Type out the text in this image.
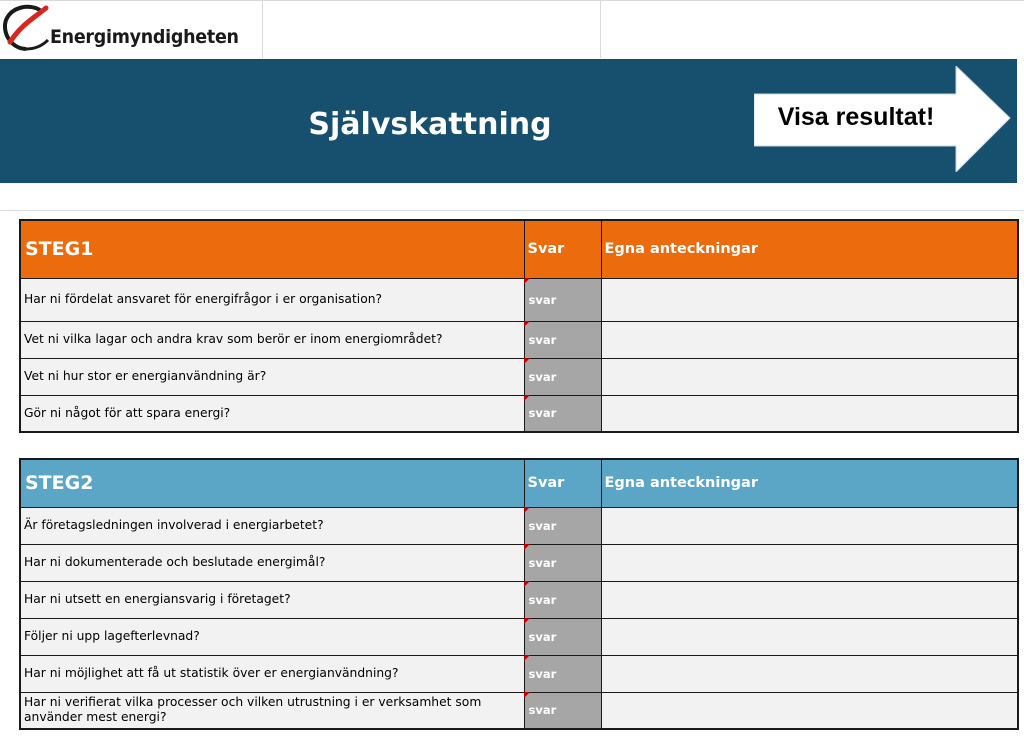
Energimyndigheten
Självskattning	Visa resultat!
STEG1	Svar	Egna anteckningar
Har ni fördelat ansvaret för energifrågor i er organisation?	svar	
Vet ni vilka lagar och andra krav som berör er inom energiområdet?	svar	
Vet ni hur stor er energianvändning är?	svar	
Gör ni något för att spara energi?	svar	
STEG2	Svar	Egna anteckningar
Är företagsledningen involverad i energiarbetet?	svar	
Har ni dokumenterade och beslutade energimål?	svar	
Har ni utsett en energiansvarig i företaget?	svar	
Följer ni upp lagefterlevnad?	svar	
Har ni möjlighet att få ut statistik över er energianvändning?	svar	
Har ni verifierat vilka processer och vilken utrustning i er verksamhet som använder mest energi?	svar	
